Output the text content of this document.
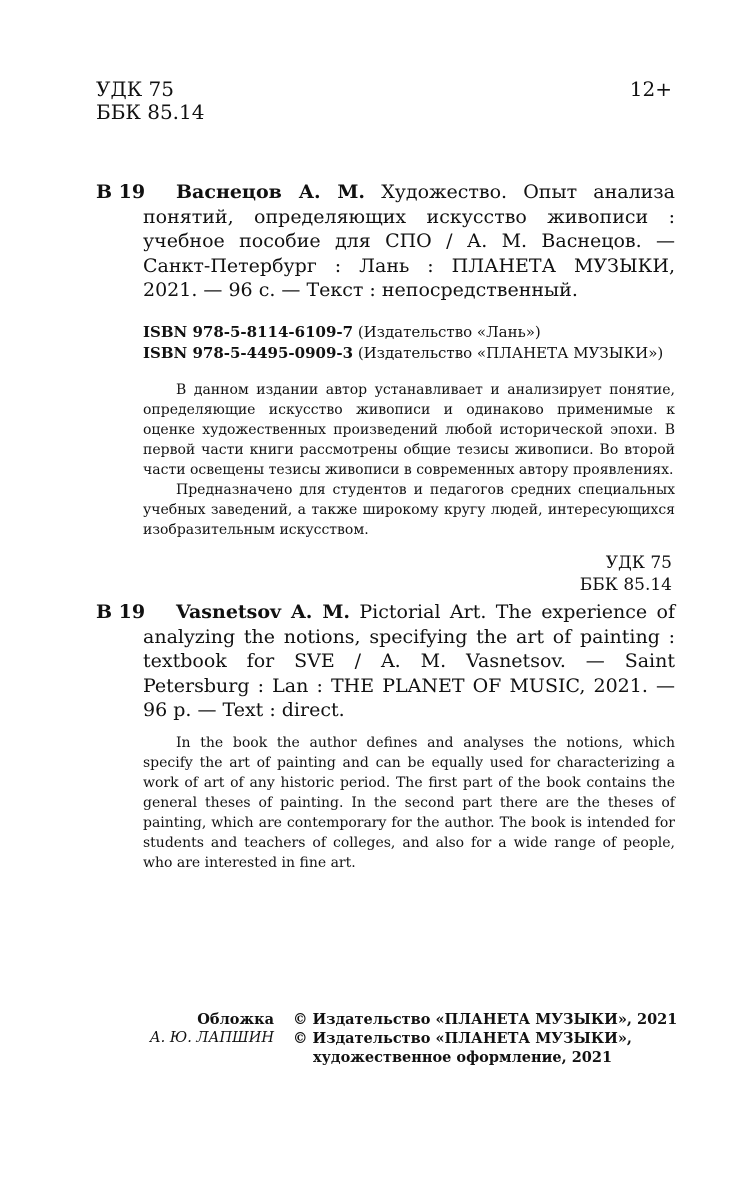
УДК 75
ББК 85.14
12+
В 19	Васнецов А. М. Художество. Опыт анализа понятий, определяющих искусство живописи : учебное пособие для СПО / А. М. Васнецов. — Санкт-Петербург : Лань : ПЛАНЕТА МУЗЫКИ, 2021. — 96 с. — Текст : непосредственный.
ISBN 978-5-8114-6109-7 (Издательство «Лань»)
ISBN 978-5-4495-0909-3 (Издательство «ПЛАНЕТА МУЗЫКИ»)

В данном издании автор устанавливает и анализирует понятие, определяющие искусство живописи и одинаково применимые к оценке художественных произведений любой исторической эпохи. В первой части книги рассмотрены общие тезисы живописи. Во второй части освещены тезисы живописи в современных автору проявлениях.

Предназначено для студентов и педагогов средних специальных учебных заведений, а также широкому кругу людей, интересующихся изобразительным искусством.

УДК 75
ББК 85.14
В 19	Vasnetsov A. M. Pictorial Art. The experience of analyzing the notions, specifying the art of painting : textbook for SVE / A. M. Vasnetsov. — Saint Petersburg : Lan : THE PLANET OF MUSIC, 2021. — 96 p. — Text : direct.

In the book the author defines and analyses the notions, which specify the art of painting and can be equally used for characterizing a work of art of any historic period. The first part of the book contains the general theses of painting. In the second part there are the theses of painting, which are contemporary for the author. The book is intended for students and teachers of colleges, and also for a wide range of people, who are interested in fine art.

Обложка
А. Ю. ЛАПШИН
© Издательство «ПЛАНЕТА МУЗЫКИ», 2021
© Издательство «ПЛАНЕТА МУЗЫКИ»,
художественное оформление, 2021
